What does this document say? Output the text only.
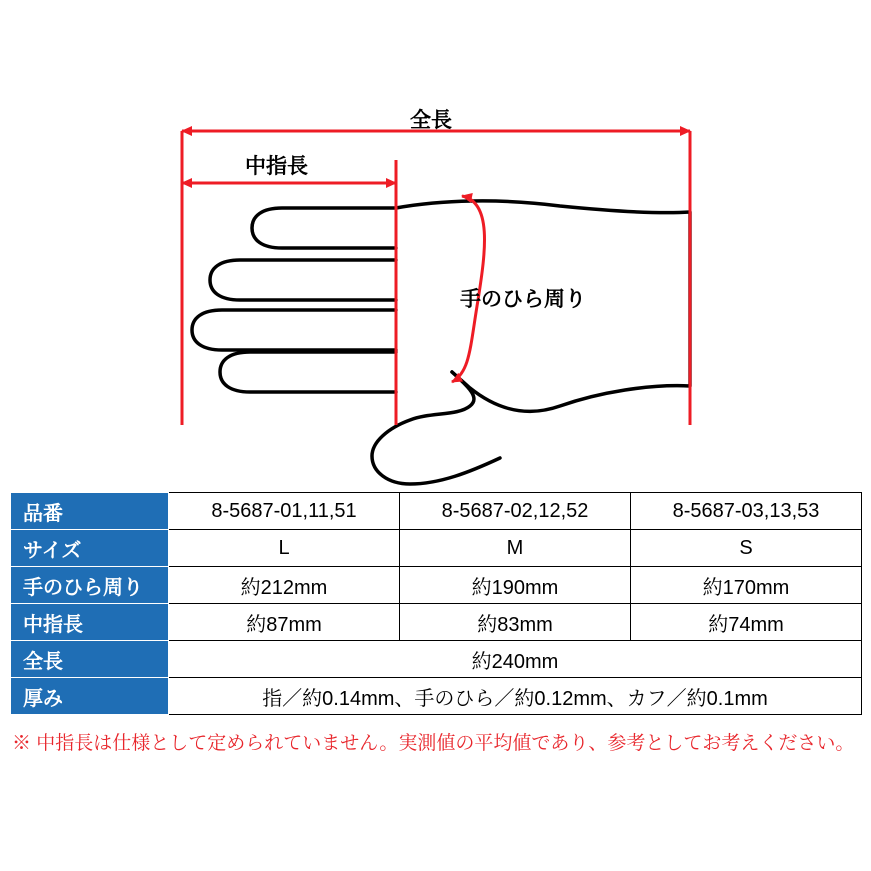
全長
中指長
手のひら周り
品番	8-5687-01,11,51	8-5687-02,12,52	8-5687-03,13,53
サイズ	L	M	S
手のひら周り	約212mm	約190mm	約170mm
中指長	約87mm	約83mm	約74mm
全長	約240mm		
厚み	指／約0.14mm、手のひら／約0.12mm、カフ／約0.1mm		
※ 中指長は仕様として定められていません。実測値の平均値であり、参考としてお考えください。
